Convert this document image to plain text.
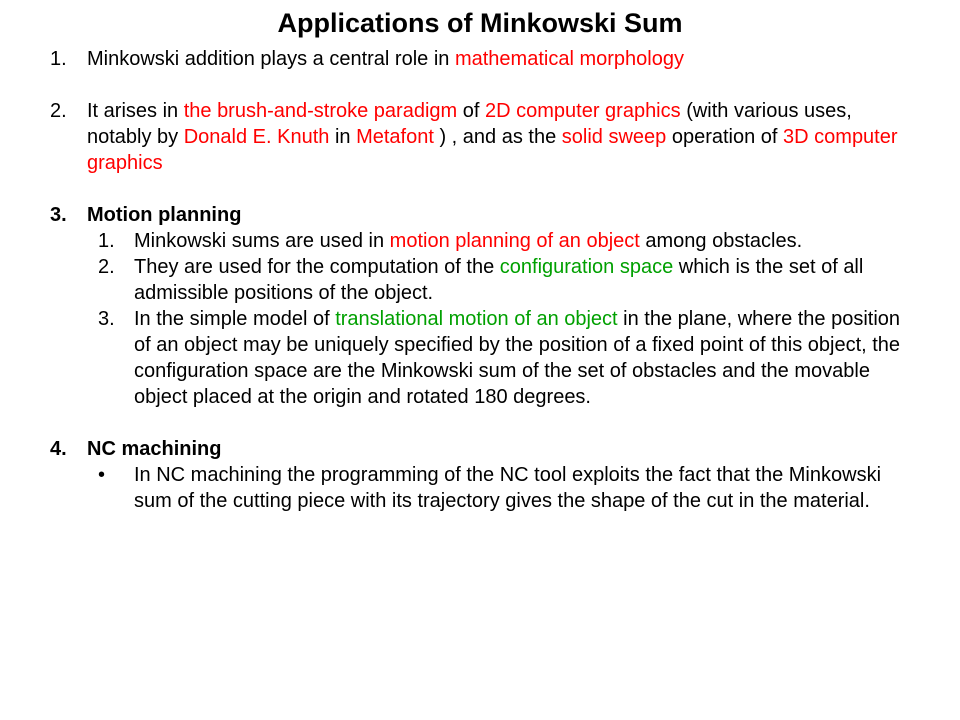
Applications of Minkowski Sum
1. Minkowski addition plays a central role in mathematical morphology
2. It arises in the brush-and-stroke paradigm of 2D computer graphics (with various uses, notably by Donald E. Knuth in Metafont ) , and as the solid sweep operation of 3D computer graphics
3. Motion planning
1. Minkowski sums are used in motion planning of an object among obstacles.
2. They are used for the computation of the configuration space which is the set of all admissible positions of the object.
3. In the simple model of translational motion of an object in the plane, where the position of an object may be uniquely specified by the position of a fixed point of this object, the configuration space are the Minkowski sum of the set of obstacles and the movable object placed at the origin and rotated 180 degrees.
4. NC machining
• In NC machining the programming of the NC tool exploits the fact that the Minkowski sum of the cutting piece with its trajectory gives the shape of the cut in the material.
